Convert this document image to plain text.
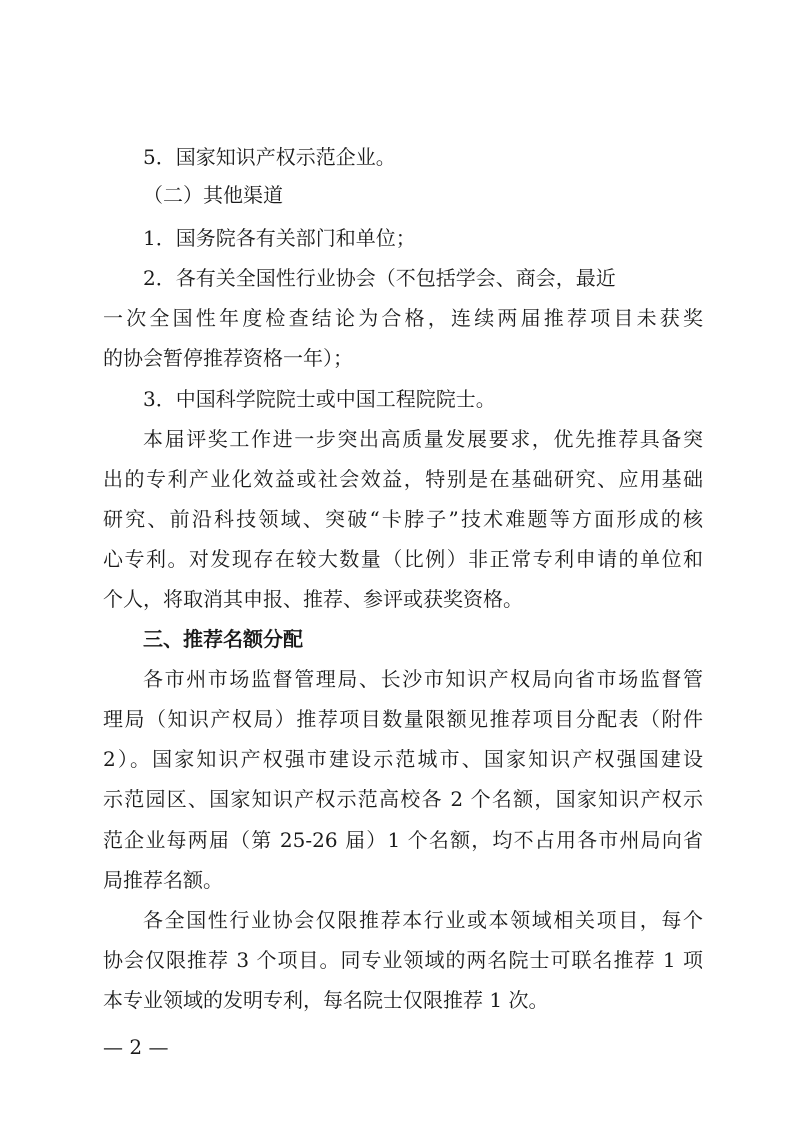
5．国家知识产权示范企业。

（二）其他渠道

1．国务院各有关部门和单位；

2．各有关全国性行业协会（不包括学会、商会，最近

一次全国性年度检查结论为合格，连续两届推荐项目未获奖

的协会暂停推荐资格一年）；

3．中国科学院院士或中国工程院院士。

本届评奖工作进一步突出高质量发展要求，优先推荐具备突

出的专利产业化效益或社会效益，特别是在基础研究、应用基础

研究、前沿科技领域、突破“卡脖子”技术难题等方面形成的核

心专利。对发现存在较大数量（比例）非正常专利申请的单位和

个人，将取消其申报、推荐、参评或获奖资格。

三、推荐名额分配

各市州市场监督管理局、长沙市知识产权局向省市场监督管

理局（知识产权局）推荐项目数量限额见推荐项目分配表（附件

2）。国家知识产权强市建设示范城市、国家知识产权强国建设

示范园区、国家知识产权示范高校各 2 个名额，国家知识产权示

范企业每两届（第 25-26 届）1 个名额，均不占用各市州局向省

局推荐名额。

各全国性行业协会仅限推荐本行业或本领域相关项目，每个

协会仅限推荐 3 个项目。同专业领域的两名院士可联名推荐 1 项

本专业领域的发明专利，每名院士仅限推荐 1 次。

— 2 —
